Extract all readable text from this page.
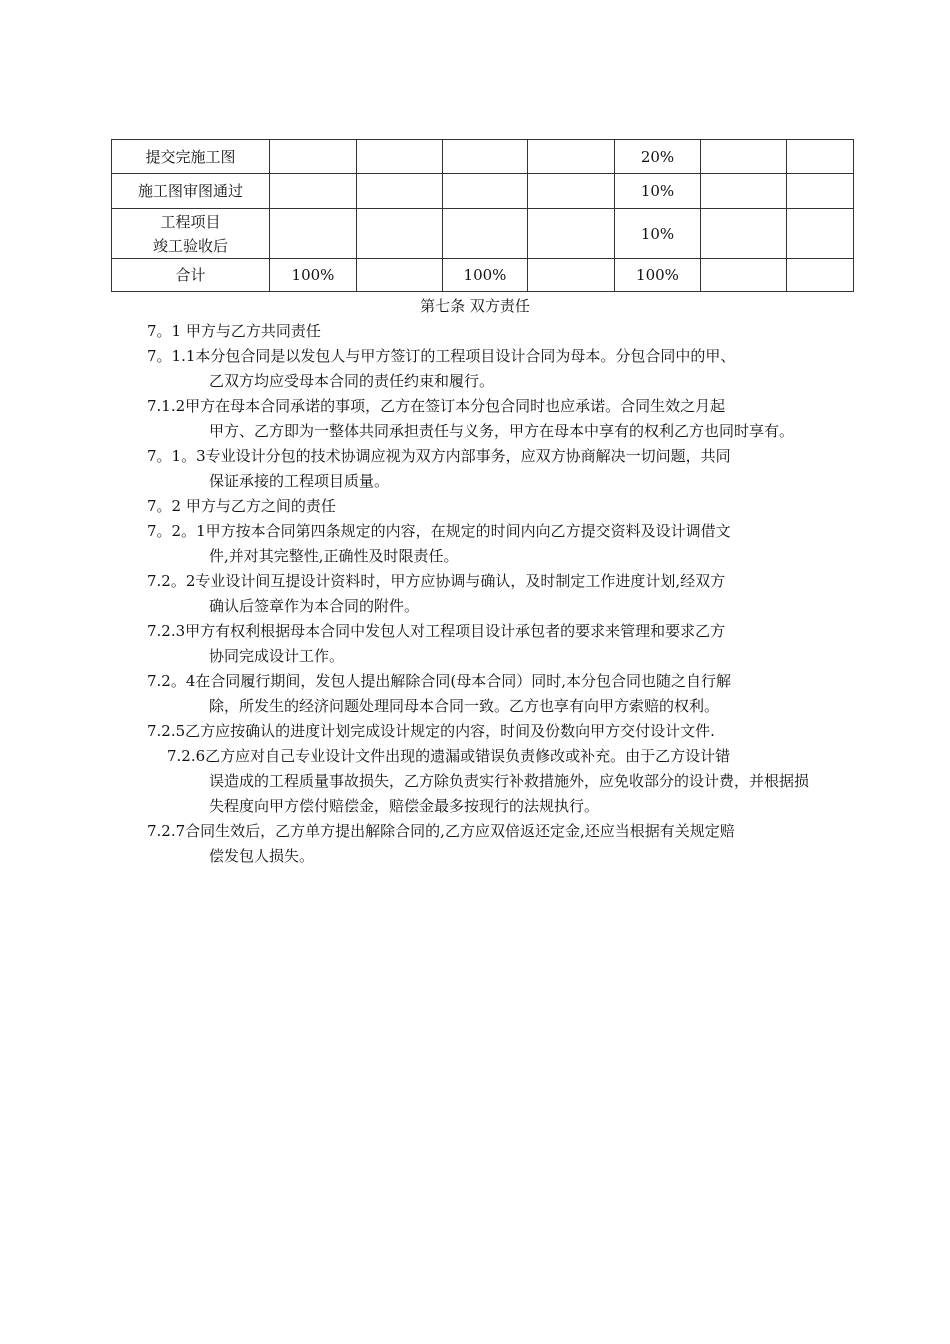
提交完施工图					20%		
施工图审图通过					10%		

工程项目
竣工验收后					10%		
合计	100%		100%		100%		
第七条 双方责任

7。1 甲方与乙方共同责任

7。1.1本分包合同是以发包人与甲方签订的工程项目设计合同为母本。分包合同中的甲、
乙双方均应受母本合同的责任约束和履行。

7.1.2甲方在母本合同承诺的事项，乙方在签订本分包合同时也应承诺。合同生效之月起
甲方、乙方即为一整体共同承担责任与义务，甲方在母本中享有的权利乙方也同时享有。

7。1。3专业设计分包的技术协调应视为双方内部事务，应双方协商解决一切问题，共同
保证承接的工程项目质量。

7。2 甲方与乙方之间的责任

7。2。1甲方按本合同第四条规定的内容，在规定的时间内向乙方提交资料及设计调借文
件,并对其完整性,正确性及时限责任。

7.2。2专业设计间互提设计资料时，甲方应协调与确认，及时制定工作进度计划,经双方
确认后签章作为本合同的附件。

7.2.3甲方有权利根据母本合同中发包人对工程项目设计承包者的要求来管理和要求乙方
协同完成设计工作。

7.2。4在合同履行期间，发包人提出解除合同(母本合同）同时,本分包合同也随之自行解
除，所发生的经济问题处理同母本合同一致。乙方也享有向甲方索赔的权利。

7.2.5乙方应按确认的进度计划完成设计规定的内容，时间及份数向甲方交付设计文件.

7.2.6乙方应对自己专业设计文件出现的遗漏或错误负责修改或补充。由于乙方设计错
误造成的工程质量事故损失，乙方除负责实行补救措施外，应免收部分的设计费，并根据损失程度向甲方偿付赔偿金，赔偿金最多按现行的法规执行。

7.2.7合同生效后，乙方单方提出解除合同的,乙方应双倍返还定金,还应当根据有关规定赔
偿发包人损失。
